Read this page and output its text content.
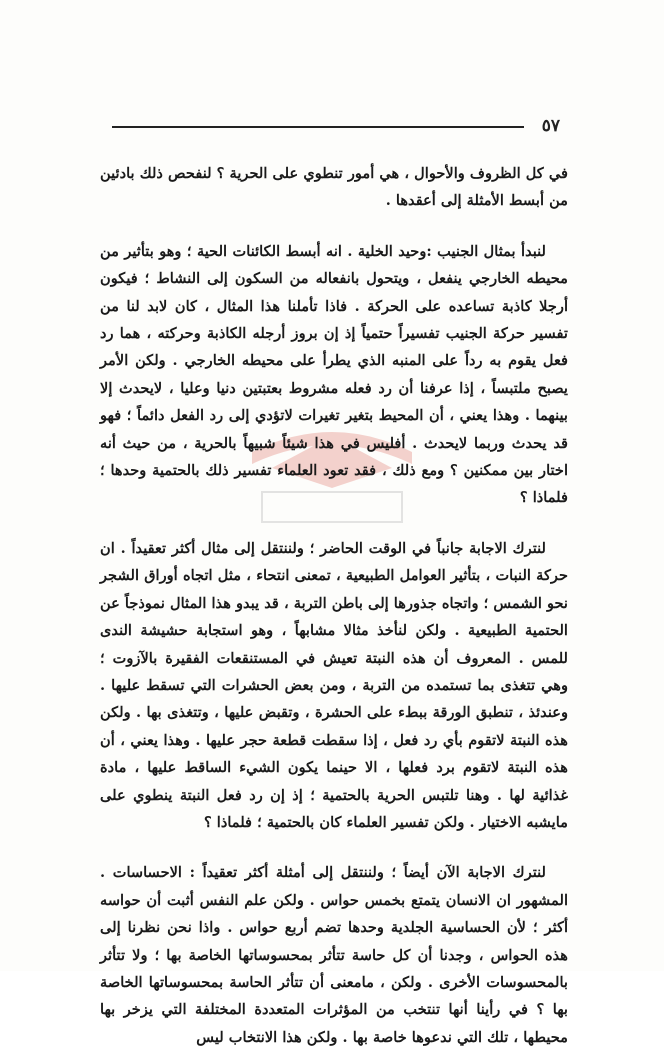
٥٧

في كل الظروف والأحوال ، هي أمور تنطوي على الحرية ؟ لنفحص ذلك بادئين من أبسط الأمثلة إلى أعقدها .

لنبدأ بمثال الجنيب :وحيد الخلية . انه أبسط الكائنات الحية ؛ وهو بتأثير من محيطه الخارجي ينفعل ، ويتحول بانفعاله من السكون إلى النشاط ؛ فيكون أرجلا كاذبة تساعده على الحركة . فاذا تأملنا هذا المثال ، كان لابد لنا من تفسير حركة الجنيب تفسيراً حتمياً إذ إن بروز أرجله الكاذبة وحركته ، هما رد فعل يقوم به رداً على المنبه الذي يطرأ على محيطه الخارجي . ولكن الأمر يصبح ملتبساً ، إذا عرفنا أن رد فعله مشروط بعتبتين دنيا وعليا ، لايحدث إلا بينهما . وهذا يعني ، أن المحيط بتغير تغيرات لاتؤدي إلى رد الفعل دائماً ؛ فهو قد يحدث وربما لايحدث . أفليس في هذا شيئاً شبيهاً بالحرية ، من حيث أنه اختار بين ممكنين ؟ ومع ذلك ، فقد تعود العلماء تفسير ذلك بالحتمية وحدها ؛ فلماذا ؟

لنترك الاجابة جانباً في الوقت الحاضر ؛ ولننتقل إلى مثال أكثر تعقيداً . ان حركة النبات ، بتأثير العوامل الطبيعية ، تمعنى انتحاء ، مثل اتجاه أوراق الشجر نحو الشمس ؛ واتجاه جذورها إلى باطن التربة ، قد يبدو هذا المثال نموذجاً عن الحتمية الطبيعية . ولكن لنأخذ مثالا مشابهاً ، وهو استجابة حشيشة الندى للمس . المعروف أن هذه النبتة تعيش في المستنقعات الفقيرة بالآزوت ؛ وهي تتغذى بما تستمده من التربة ، ومن بعض الحشرات التي تسقط عليها . وعندئذ ، تنطبق الورقة ببطء على الحشرة ، وتقبض عليها ، وتتغذى بها . ولكن هذه النبتة لاتقوم بأي رد فعل ، إذا سقطت قطعة حجر عليها . وهذا يعني ، أن هذه النبتة لاتقوم برد فعلها ، الا حينما يكون الشيء الساقط عليها ، مادة غذائية لها . وهنا تلتبس الحرية بالحتمية ؛ إذ إن رد فعل النبتة ينطوي على مايشبه الاختيار . ولكن تفسير العلماء كان بالحتمية ؛ فلماذا ؟

لنترك الاجابة الآن أيضاً ؛ ولننتقل إلى أمثلة أكثر تعقيداً : الاحساسات . المشهور ان الانسان يتمتع بخمس حواس . ولكن علم النفس أثبت أن حواسه أكثر ؛ لأن الحساسية الجلدية وحدها تضم أربع حواس . واذا نحن نظرنا إلى هذه الحواس ، وجدنا أن كل حاسة تتأثر بمحسوساتها الخاصة بها ؛ ولا تتأثر بالمحسوسات الأخرى . ولكن ، مامعنى أن تتأثر الحاسة بمحسوساتها الخاصة بها ؟ في رأينا أنها تنتخب من المؤثرات المتعددة المختلفة التي يزخر بها محيطها ، تلك التي ندعوها خاصة بها . ولكن هذا الانتخاب ليس
